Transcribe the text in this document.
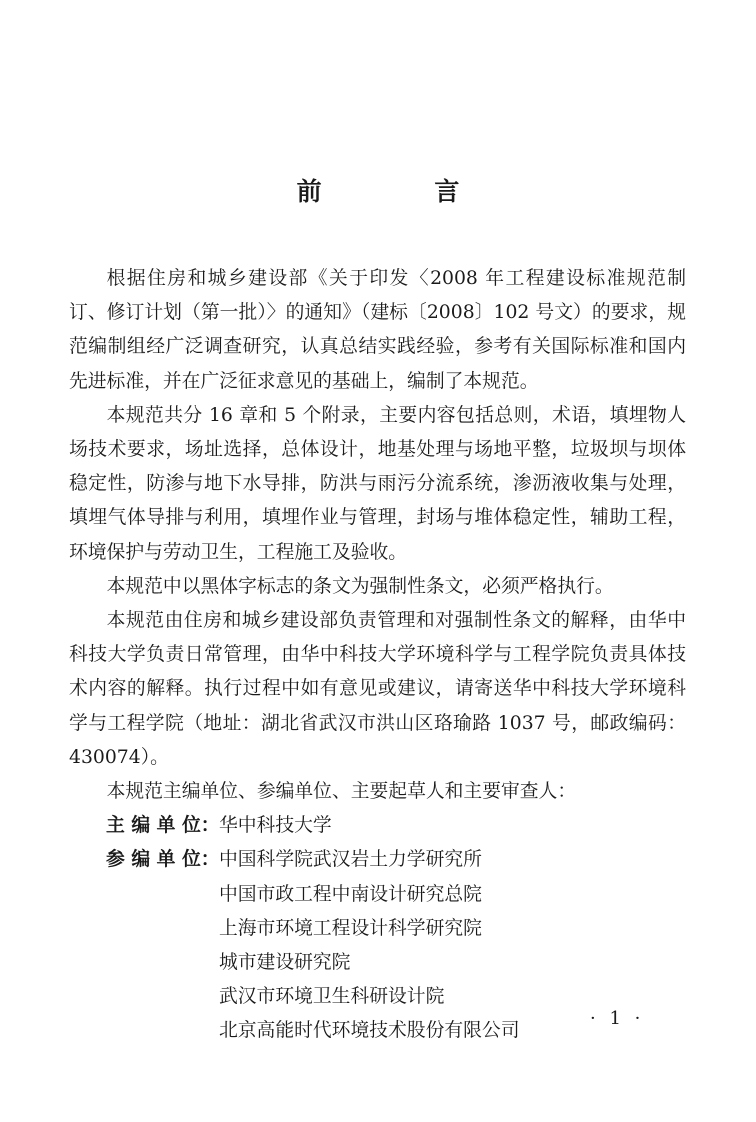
前 言

根据住房和城乡建设部《关于印发〈2008 年工程建设标准规范制订、修订计划（第一批）〉的通知》（建标〔2008〕102 号文）的要求，规范编制组经广泛调查研究，认真总结实践经验，参考有关国际标准和国内先进标准，并在广泛征求意见的基础上，编制了本规范。

本规范共分 16 章和 5 个附录，主要内容包括总则，术语，填埋物人场技术要求，场址选择，总体设计，地基处理与场地平整，垃圾坝与坝体稳定性，防渗与地下水导排，防洪与雨污分流系统，渗沥液收集与处理，填埋气体导排与利用，填埋作业与管理，封场与堆体稳定性，辅助工程，环境保护与劳动卫生，工程施工及验收。

本规范中以黑体字标志的条文为强制性条文，必须严格执行。

本规范由住房和城乡建设部负责管理和对强制性条文的解释，由华中科技大学负责日常管理，由华中科技大学环境科学与工程学院负责具体技术内容的解释。执行过程中如有意见或建议，请寄送华中科技大学环境科学与工程学院（地址：湖北省武汉市洪山区珞瑜路 1037 号，邮政编码：430074）。

本规范主编单位、参编单位、主要起草人和主要审查人：

主 编 单 位： 华中科技大学
参 编 单 位： 中国科学院武汉岩土力学研究所
中国市政工程中南设计研究总院
上海市环境工程设计科学研究院
城市建设研究院
武汉市环境卫生科研设计院
北京高能时代环境技术股份有限公司
· 1 ·
